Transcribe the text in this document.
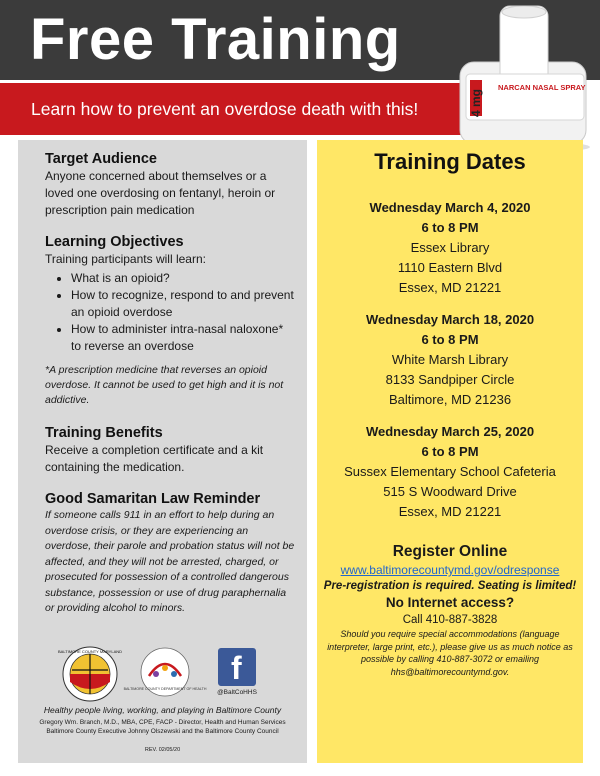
Free Training
Learn how to prevent an overdose death with this!
NARCAN NASAL SPRAY
4 mg

Target Audience

Anyone concerned about themselves or a loved one overdosing on fentanyl, heroin or prescription pain medication

Learning Objectives

Training participants will learn:

• What is an opioid?
• How to recognize, respond to and prevent an opioid overdose
• How to administer intra-nasal naloxone* to reverse an overdose

*A prescription medicine that reverses an opioid overdose. It cannot be used to get high and it is not addictive.

Training Benefits

Receive a completion certificate and a kit containing the medication.

Good Samaritan Law Reminder

If someone calls 911 in an effort to help during an overdose crisis, or they are experiencing an overdose, their parole and probation status will not be affected, and they will not be arrested, charged, or prosecuted for possession of a controlled dangerous substance, possession or use of drug paraphernalia or providing alcohol to minors.

BALTIMORE COUNTY MARYLAND
BALTIMORE COUNTY DEPARTMENT OF HEALTH
f
@BaltCoHHS
Healthy people living, working, and playing in Baltimore County
Gregory Wm. Branch, M.D., MBA, CPE, FACP - Director, Health and Human Services
Baltimore County Executive Johnny Olszewski and the Baltimore County Council
REV. 02/05/20
Training Dates
Wednesday March 4, 2020
6 to 8 PM
Essex Library
1110 Eastern Blvd
Essex, MD 21221
Wednesday March 18, 2020
6 to 8 PM
White Marsh Library
8133 Sandpiper Circle
Baltimore, MD 21236
Wednesday March 25, 2020
6 to 8 PM
Sussex Elementary School Cafeteria
515 S Woodward Drive
Essex, MD 21221
Register Online
www.baltimorecountymd.gov/odresponse
Pre-registration is required. Seating is limited!
No Internet access?
Call 410-887-3828
Should you require special accommodations (language interpreter, large print, etc.), please give us as much notice as possible by calling 410-887-3072 or emailing hhs@baltimorecountymd.gov.
